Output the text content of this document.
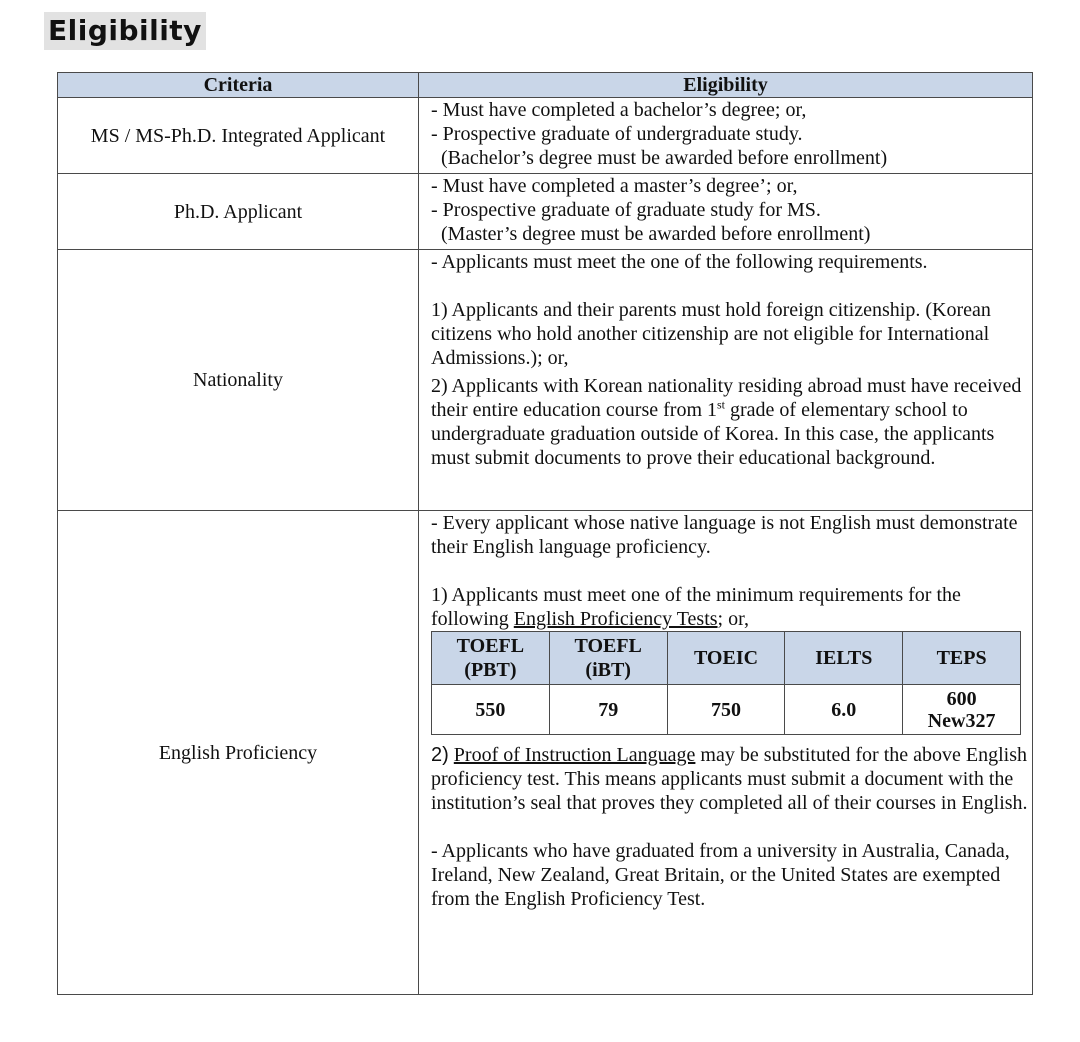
Eligibility
Criteria	Eligibility
MS / MS-Ph.D. Integrated Applicant	
- Must have completed a bachelor’s degree; or,
- Prospective graduate of undergraduate study.
(Bachelor’s degree must be awarded before enrollment)

Ph.D. Applicant	
- Must have completed a master’s degree’; or,
- Prospective graduate of graduate study for MS.
(Master’s degree must be awarded before enrollment)

Nationality	
- Applicants must meet the one of the following requirements.
1) Applicants and their parents must hold foreign citizenship. (Korean citizens who hold another citizenship are not eligible for International Admissions.); or,
2) Applicants with Korean nationality residing abroad must have received their entire education course from 1st grade of elementary school to undergraduate graduation outside of Korea. In this case, the applicants must submit documents to prove their educational background.

English Proficiency	
- Every applicant whose native language is not English must demonstrate their English language proficiency.
1) Applicants must meet one of the minimum requirements for the following English Proficiency Tests; or,
TOEFL (PBT)	TOEFL (iBT)	TOEIC	IELTS	TEPS
550	79	750	6.0	600
New327
2) Proof of Instruction Language may be substituted for the above English proficiency test. This means applicants must submit a document with the institution’s seal that proves they completed all of their courses in English.
- Applicants who have graduated from a university in Australia, Canada, Ireland, New Zealand, Great Britain, or the United States are exempted from the English Proficiency Test.
